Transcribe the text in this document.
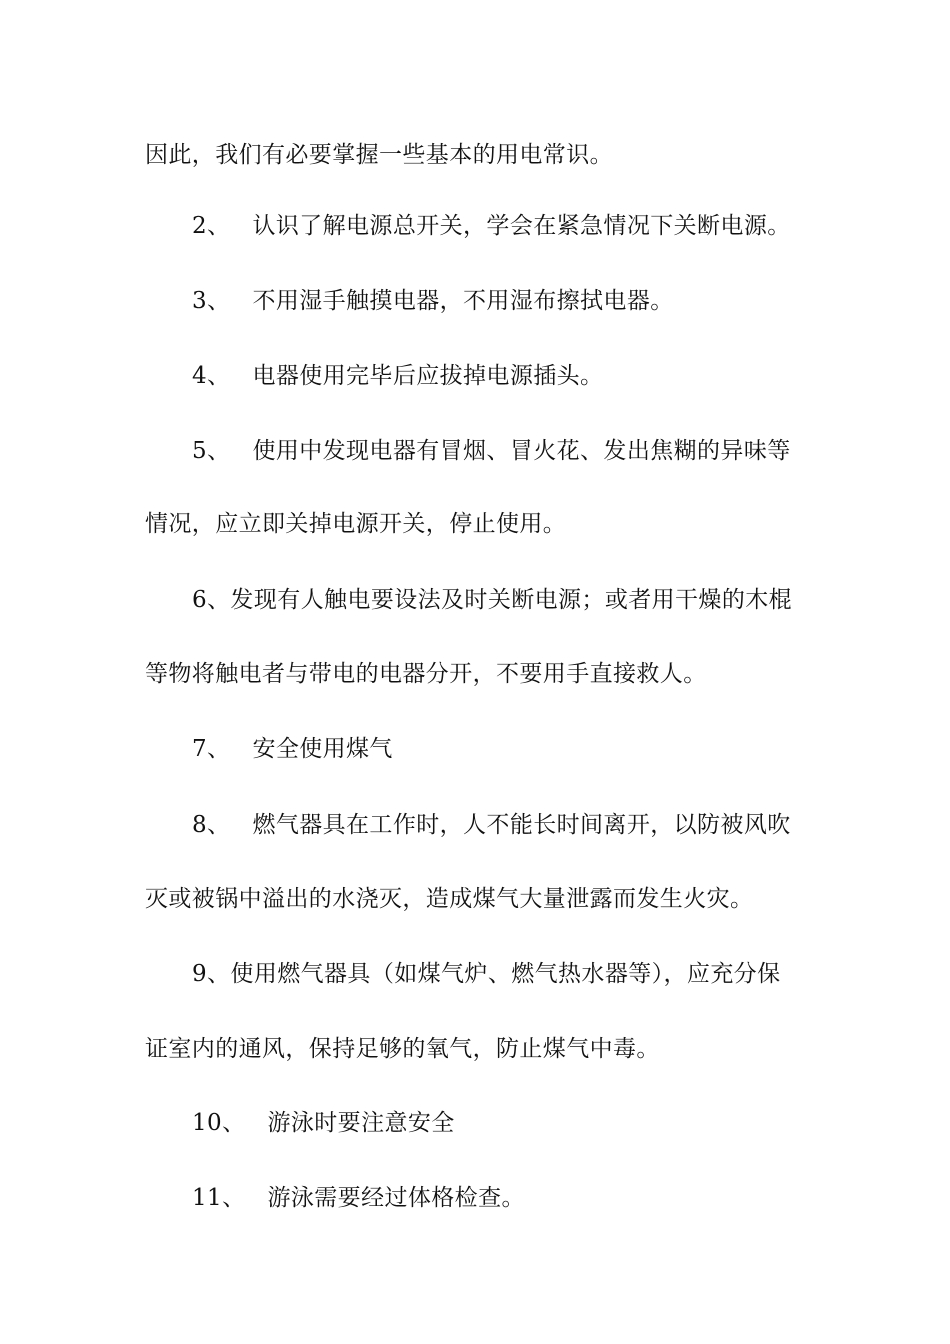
因此，我们有必要掌握一些基本的用电常识。
2、 认识了解电源总开关，学会在紧急情况下关断电源。
3、 不用湿手触摸电器，不用湿布擦拭电器。
4、 电器使用完毕后应拔掉电源插头。
5、 使用中发现电器有冒烟、冒火花、发出焦糊的异味等
情况，应立即关掉电源开关，停止使用。
6、发现有人触电要设法及时关断电源；或者用干燥的木棍
等物将触电者与带电的电器分开，不要用手直接救人。
7、 安全使用煤气
8、 燃气器具在工作时，人不能长时间离开，以防被风吹
灭或被锅中溢出的水浇灭，造成煤气大量泄露而发生火灾。
9、使用燃气器具（如煤气炉、燃气热水器等），应充分保
证室内的通风，保持足够的氧气，防止煤气中毒。
10、 游泳时要注意安全
11、 游泳需要经过体格检查。
